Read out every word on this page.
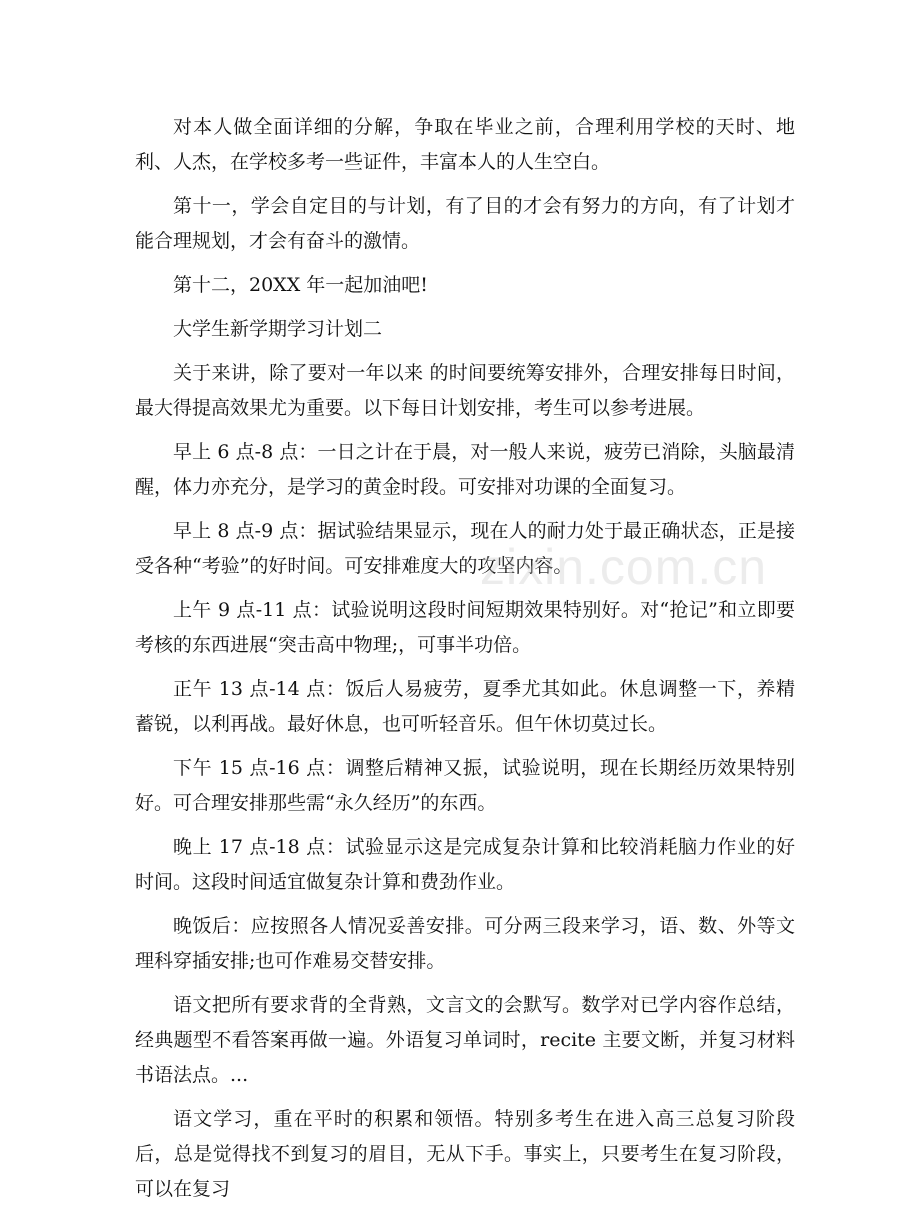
对本人做全面详细的分解，争取在毕业之前，合理利用学校的天时、地利、人杰，在学校多考一些证件，丰富本人的人生空白。

第十一，学会自定目的与计划，有了目的才会有努力的方向，有了计划才能合理规划，才会有奋斗的激情。

第十二，20XX 年一起加油吧!

大学生新学期学习计划二

关于来讲，除了要对一年以来 的时间要统筹安排外，合理安排每日时间，最大得提高效果尤为重要。以下每日计划安排，考生可以参考进展。

早上 6 点-8 点：一日之计在于晨，对一般人来说，疲劳已消除，头脑最清醒，体力亦充分，是学习的黄金时段。可安排对功课的全面复习。

早上 8 点-9 点：据试验结果显示，现在人的耐力处于最正确状态，正是接受各种“考验”的好时间。可安排难度大的攻坚内容。

上午 9 点-11 点：试验说明这段时间短期效果特别好。对“抢记”和立即要考核的东西进展“突击高中物理;，可事半功倍。

正午 13 点-14 点：饭后人易疲劳，夏季尤其如此。休息调整一下，养精蓄锐，以利再战。最好休息，也可听轻音乐。但午休切莫过长。

下午 15 点-16 点：调整后精神又振，试验说明，现在长期经历效果特别好。可合理安排那些需“永久经历”的东西。

晚上 17 点-18 点：试验显示这是完成复杂计算和比较消耗脑力作业的好时间。这段时间适宜做复杂计算和费劲作业。

晚饭后：应按照各人情况妥善安排。可分两三段来学习，语、数、外等文理科穿插安排;也可作难易交替安排。

语文把所有要求背的全背熟，文言文的会默写。数学对已学内容作总结，经典题型不看答案再做一遍。外语复习单词时，recite 主要文断，并复习材料书语法点。...

语文学习，重在平时的积累和领悟。特别多考生在进入高三总复习阶段后，总是觉得找不到复习的眉目，无从下手。事实上，只要考生在复习阶段，可以在复习

zixin.com.cn
